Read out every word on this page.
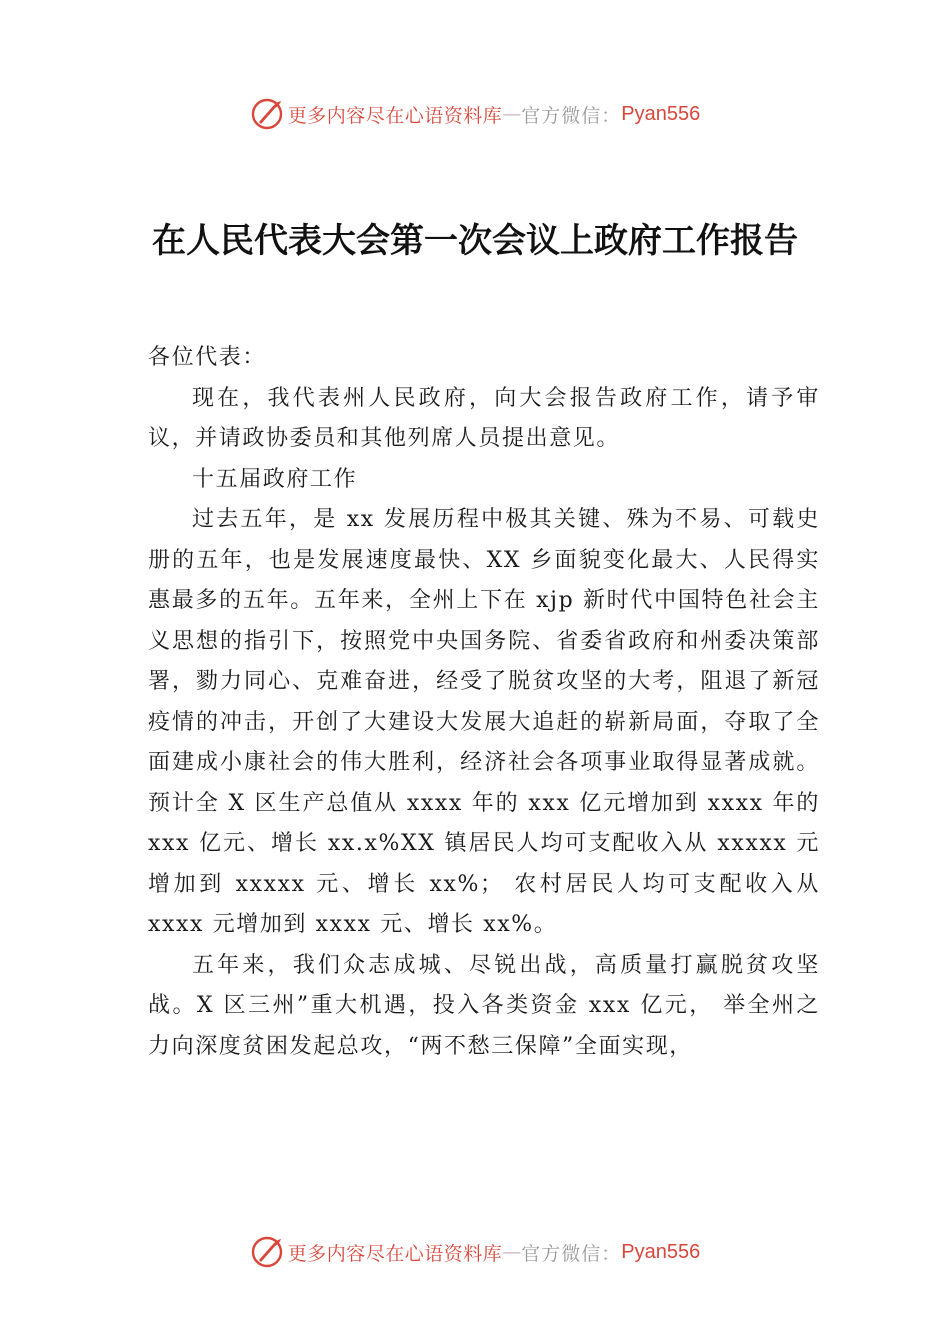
更多内容尽在心语资料库 — 官方微信： Pyan556
在人民代表大会第一次会议上政府工作报告

各位代表：

现在，我代表州人民政府，向大会报告政府工作，请予审议，并请政协委员和其他列席人员提出意见。

十五届政府工作

过去五年，是 xx 发展历程中极其关键、殊为不易、可载史册的五年，也是发展速度最快、XX 乡面貌变化最大、人民得实惠最多的五年。五年来，全州上下在 xjp 新时代中国特色社会主义思想的指引下，按照党中央国务院、省委省政府和州委决策部署，勠力同心、克难奋进，经受了脱贫攻坚的大考，阻退了新冠疫情的冲击，开创了大建设大发展大追赶的崭新局面，夺取了全面建成小康社会的伟大胜利，经济社会各项事业取得显著成就。预计全 X 区生产总值从 xxxx 年的 xxx 亿元增加到 xxxx 年的 xxx 亿元、增长 xx.x%XX 镇居民人均可支配收入从 xxxxx 元增加到 xxxxx 元、增长 xx%； 农村居民人均可支配收入从 xxxx 元增加到 xxxx 元、增长 xx%。

五年来，我们众志成城、尽锐出战，高质量打赢脱贫攻坚战。X 区三州”重大机遇，投入各类资金 xxx 亿元， 举全州之力向深度贫困发起总攻，“两不愁三保障”全面实现，

更多内容尽在心语资料库 — 官方微信： Pyan556
